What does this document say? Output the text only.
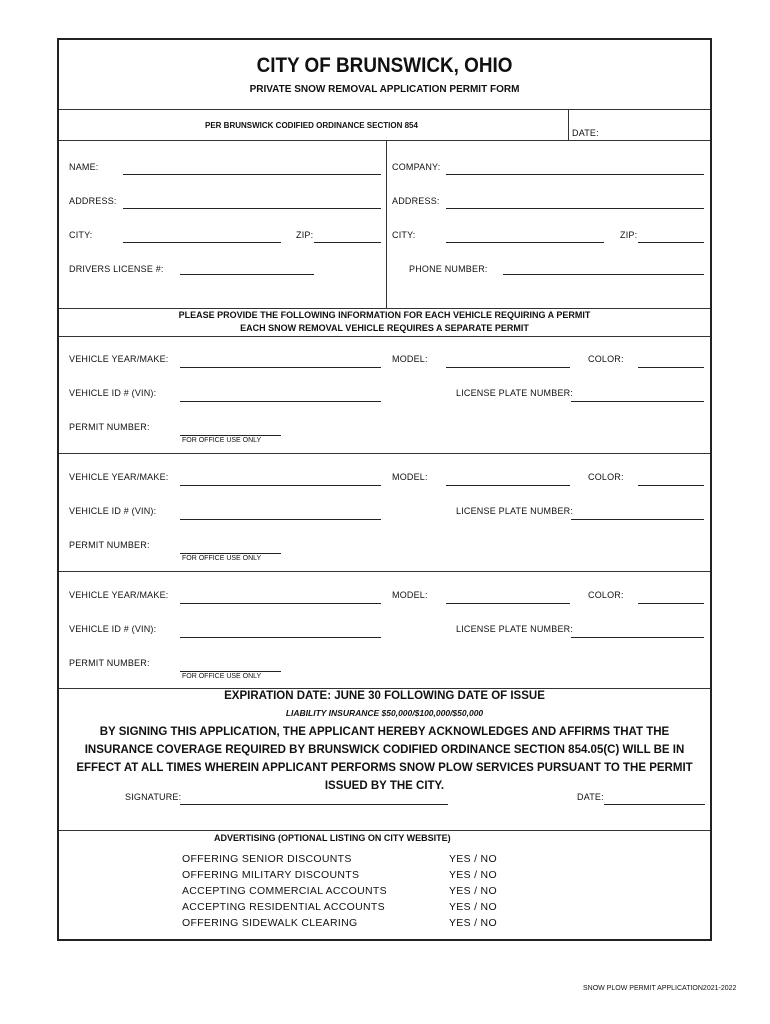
CITY OF BRUNSWICK, OHIO
PRIVATE SNOW REMOVAL APPLICATION PERMIT FORM
PER BRUNSWICK CODIFIED ORDINANCE SECTION 854
DATE:
NAME:	COMPANY:
ADDRESS:	ADDRESS:
CITY:	ZIP:	CITY:	ZIP:
DRIVERS LICENSE #:	PHONE NUMBER:
PLEASE PROVIDE THE FOLLOWING INFORMATION FOR EACH VEHICLE REQUIRING A PERMIT
EACH SNOW REMOVAL VEHICLE REQUIRES A SEPARATE PERMIT
VEHICLE YEAR/MAKE:	MODEL:	COLOR:
VEHICLE ID # (VIN):	LICENSE PLATE NUMBER:
PERMIT NUMBER:
FOR OFFICE USE ONLY
VEHICLE YEAR/MAKE:	MODEL:	COLOR:
VEHICLE ID # (VIN):	LICENSE PLATE NUMBER:
PERMIT NUMBER:
FOR OFFICE USE ONLY
VEHICLE YEAR/MAKE:	MODEL:	COLOR:
VEHICLE ID # (VIN):	LICENSE PLATE NUMBER:
PERMIT NUMBER:
FOR OFFICE USE ONLY
EXPIRATION DATE: JUNE 30 FOLLOWING DATE OF ISSUE
LIABILITY INSURANCE $50,000/$100,000/$50,000
BY SIGNING THIS APPLICATION, THE APPLICANT HEREBY ACKNOWLEDGES AND AFFIRMS THAT THE INSURANCE COVERAGE REQUIRED BY BRUNSWICK CODIFIED ORDINANCE SECTION 854.05(C) WILL BE IN EFFECT AT ALL TIMES WHEREIN APPLICANT PERFORMS SNOW PLOW SERVICES PURSUANT TO THE PERMIT ISSUED BY THE CITY.
SIGNATURE:	DATE:
ADVERTISING (OPTIONAL LISTING ON CITY WEBSITE)
OFFERING SENIOR DISCOUNTS	YES / NO
OFFERING MILITARY DISCOUNTS	YES / NO
ACCEPTING COMMERCIAL ACCOUNTS	YES / NO
ACCEPTING RESIDENTIAL ACCOUNTS	YES / NO
OFFERING SIDEWALK CLEARING	YES / NO
SNOW PLOW PERMIT APPLICATION2021-2022
